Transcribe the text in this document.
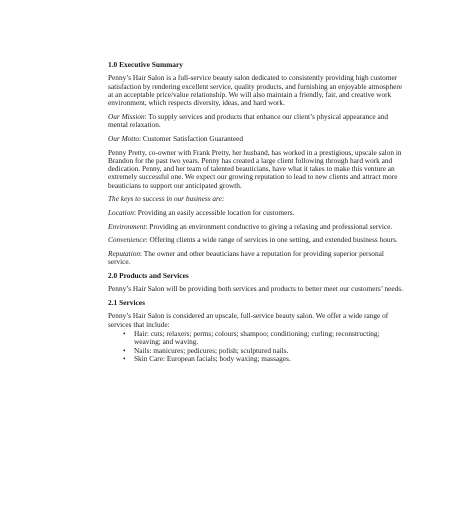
1.0 Executive Summary
Penny’s Hair Salon is a full-service beauty salon dedicated to consistently providing high customer satisfaction by rendering excellent service, quality products, and furnishing an enjoyable atmosphere at an acceptable price/value relationship. We will also maintain a friendly, fair, and creative work environment, which respects diversity, ideas, and hard work.
Our Mission: To supply services and products that enhance our client’s physical appearance and mental relaxation.
Our Motto: Customer Satisfaction Guaranteed
Penny Pretty, co-owner with Frank Pretty, her husband, has worked in a prestigious, upscale salon in Brandon for the past two years. Penny has created a large client following through hard work and dedication. Penny, and her team of talented beauticians, have what it takes to make this venture an extremely successful one. We expect our growing reputation to lead to new clients and attract more beauticians to support our anticipated growth.
The keys to success in our business are:
Location: Providing an easily accessible location for customers.
Environment: Providing an environment conductive to giving a relaxing and professional service.
Convenience: Offering clients a wide range of services in one setting, and extended business hours.
Reputation: The owner and other beauticians have a reputation for providing superior personal service.
2.0 Products and Services
Penny’s Hair Salon will be providing both services and products to better meet our customers’ needs.
2.1 Services
Penny’s Hair Salon is considered an upscale, full-service beauty salon. We offer a wide range of services that include:
• Hair: cuts; relaxers; perms; colours; shampoo; conditioning; curling; reconstructing; weaving; and waving.
• Nails: manicures; pedicures; polish; sculptured nails.
• Skin Care: European facials; body waxing; massages.
